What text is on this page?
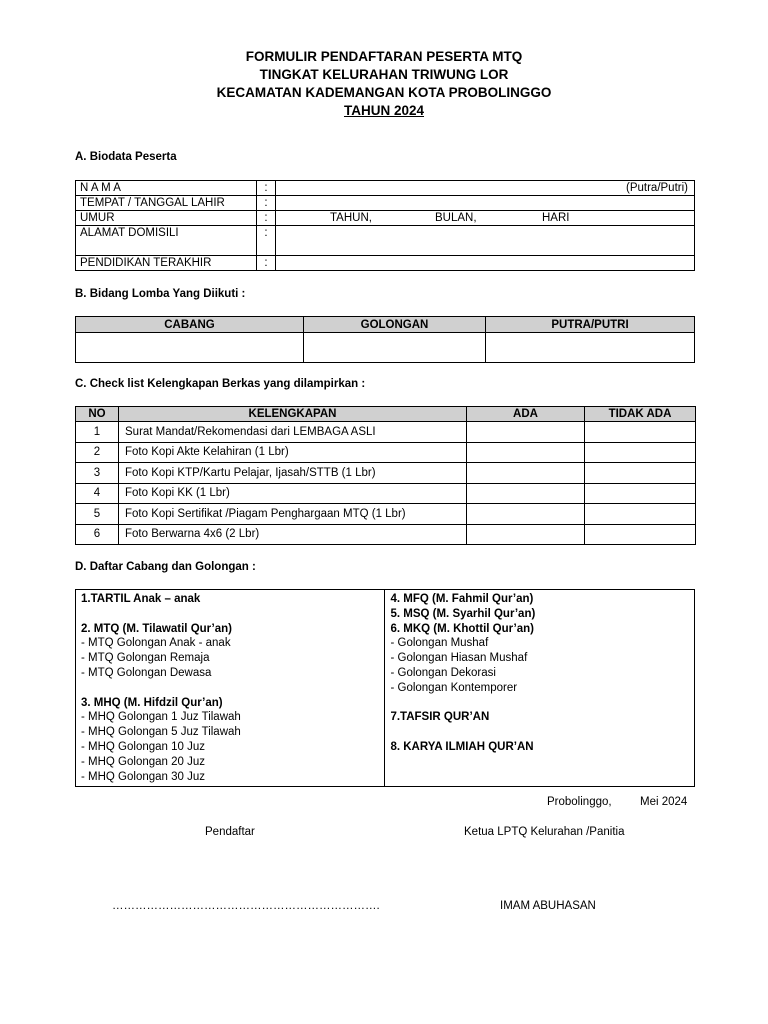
FORMULIR PENDAFTARAN PESERTA MTQ
TINGKAT KELURAHAN TRIWUNG LOR
KECAMATAN KADEMANGAN KOTA PROBOLINGGO
TAHUN 2024
A. Biodata Peserta
N A M A	:	(Putra/Putri)

TEMPAT / TANGGAL LAHIR	:	
UMUR	:	TAHUN, BULAN, HARI

ALAMAT DOMISILI	:	
PENDIDIKAN TERAKHIR	:	
B. Bidang Lomba Yang Diikuti :
CABANG	GOLONGAN	PUTRA/PUTRI

C. Check list Kelengkapan Berkas yang dilampirkan :
NO	KELENGKAPAN	ADA	TIDAK ADA
1	Surat Mandat/Rekomendasi dari LEMBAGA ASLI		
2	Foto Kopi Akte Kelahiran (1 Lbr)		
3	Foto Kopi KTP/Kartu Pelajar, Ijasah/STTB (1 Lbr)		
4	Foto Kopi KK (1 Lbr)		
5	Foto Kopi Sertifikat /Piagam Penghargaan MTQ (1 Lbr)		
6	Foto Berwarna 4x6 (2 Lbr)		
D. Daftar Cabang dan Golongan :
1.TARTIL Anak – anak
2. MTQ (M. Tilawatil Qur’an)
- MTQ Golongan Anak - anak
- MTQ Golongan Remaja
- MTQ Golongan Dewasa
3. MHQ (M. Hifdzil Qur’an)
- MHQ Golongan 1 Juz Tilawah
- MHQ Golongan 5 Juz Tilawah
- MHQ Golongan 10 Juz
- MHQ Golongan 20 Juz
- MHQ Golongan 30 Juz

4. MFQ (M. Fahmil Qur’an)
5. MSQ (M. Syarhil Qur’an)
6. MKQ (M. Khottil Qur’an)
- Golongan Mushaf
- Golongan Hiasan Mushaf
- Golongan Dekorasi
- Golongan Kontemporer
7.TAFSIR QUR’AN
8. KARYA ILMIAH QUR’AN
Probolinggo, Mei 2024
Pendaftar	Ketua LPTQ Kelurahan /Panitia
…………………………………………………………….	IMAM ABUHASAN
